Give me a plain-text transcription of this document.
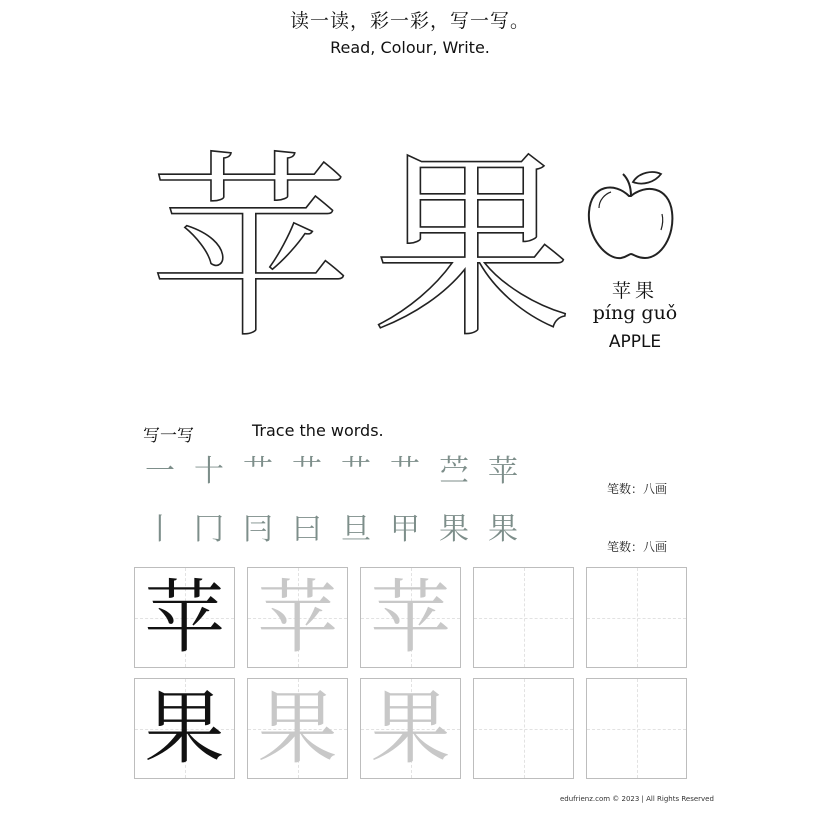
读一读，彩一彩，写一写。
Read, Colour, Write.
苹 果	苹果
píng guǒ
APPLE
写一写	Trace the words.
一 十 艹 艹 艹 艹 苎 苹	笔数：八画
丨 冂 冃 曰 旦 甲 果 果	笔数：八画
苹 苹 苹
果 果 果
edufrienz.com © 2023 | All Rights Reserved
